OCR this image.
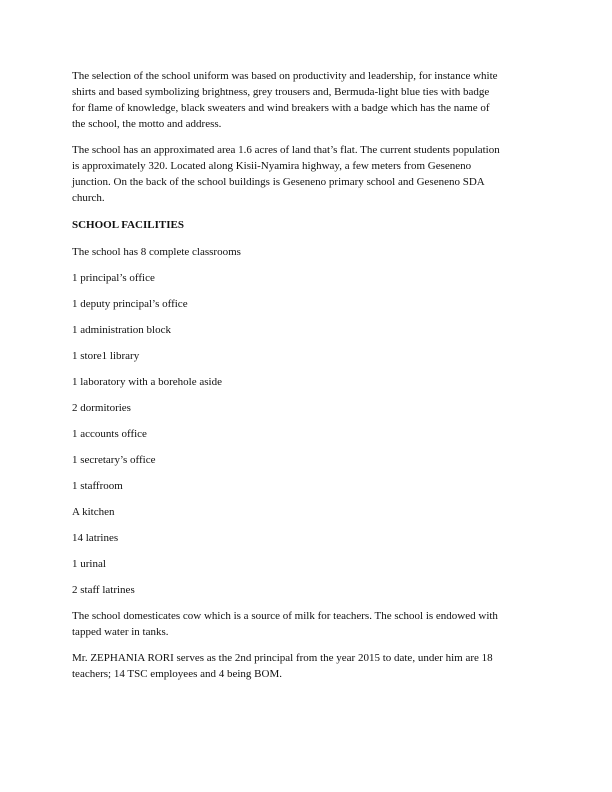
The selection of the school uniform was based on productivity and leadership, for instance white
shirts and based symbolizing brightness, grey trousers and, Bermuda-light blue ties with badge
for flame of knowledge, black sweaters and wind breakers with a badge which has the name of
the school, the motto and address.
The school has an approximated area 1.6 acres of land that’s flat. The current students population
is approximately 320. Located along Kisii-Nyamira highway, a few meters from Geseneno
junction. On the back of the school buildings is Geseneno primary school and Geseneno SDA
church.
SCHOOL FACILITIES
The school has 8 complete classrooms
1 principal’s office
1 deputy principal’s office
1 administration block
1 store1 library
1 laboratory with a borehole aside
2 dormitories
1 accounts office
1 secretary’s office
1 staffroom
A kitchen
14 latrines
1 urinal
2 staff latrines
The school domesticates cow which is a source of milk for teachers. The school is endowed with
tapped water in tanks.
Mr. ZEPHANIA RORI serves as the 2nd principal from the year 2015 to date, under him are 18
teachers; 14 TSC employees and 4 being BOM.
